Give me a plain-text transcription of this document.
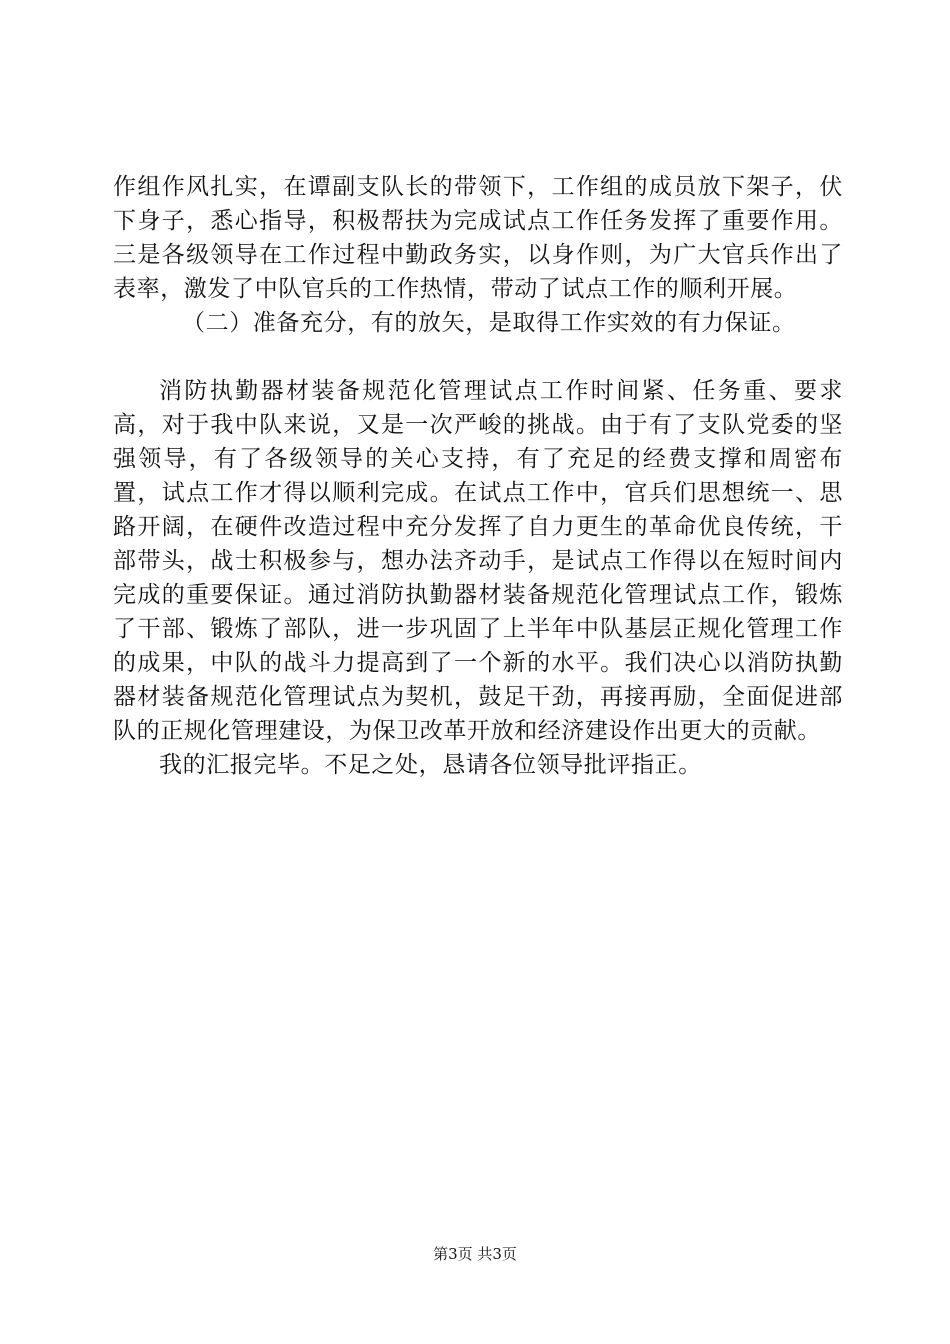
作组作风扎实，在谭副支队长的带领下，工作组的成员放下架子，伏下身子，悉心指导，积极帮扶为完成试点工作任务发挥了重要作用。三是各级领导在工作过程中勤政务实，以身作则，为广大官兵作出了表率，激发了中队官兵的工作热情，带动了试点工作的顺利开展。

（二）准备充分，有的放矢，是取得工作实效的有力保证。

消防执勤器材装备规范化管理试点工作时间紧、任务重、要求高，对于我中队来说，又是一次严峻的挑战。由于有了支队党委的坚强领导，有了各级领导的关心支持，有了充足的经费支撑和周密布置，试点工作才得以顺利完成。在试点工作中，官兵们思想统一、思路开阔，在硬件改造过程中充分发挥了自力更生的革命优良传统，干部带头，战士积极参与，想办法齐动手，是试点工作得以在短时间内完成的重要保证。通过消防执勤器材装备规范化管理试点工作，锻炼了干部、锻炼了部队，进一步巩固了上半年中队基层正规化管理工作的成果，中队的战斗力提高到了一个新的水平。我们决心以消防执勤器材装备规范化管理试点为契机，鼓足干劲，再接再励，全面促进部队的正规化管理建设，为保卫改革开放和经济建设作出更大的贡献。

我的汇报完毕。不足之处，恳请各位领导批评指正。

第3页 共3页
